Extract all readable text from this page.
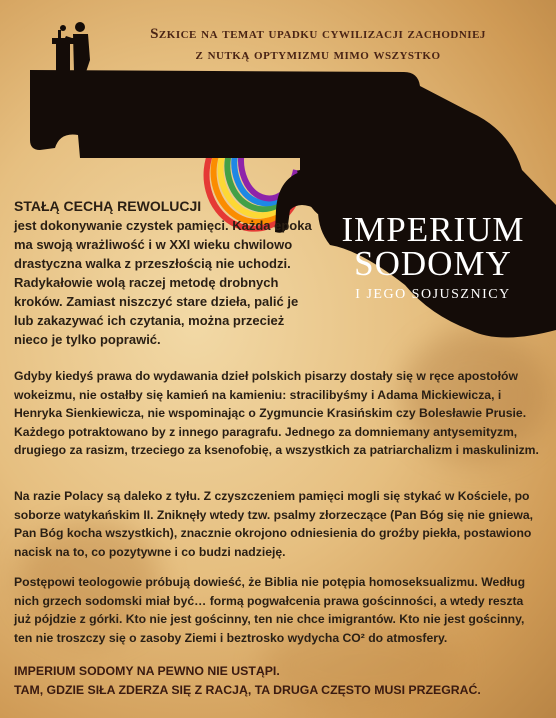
Szkice na temat upadku cywilizacji zachodniej
z nutką optymizmu mimo wszystko
IMPERIUM
SODOMY
I JEGO SOJUSZNICY
STAŁĄ CECHĄ REWOLUCJI

jest dokonywanie czystek pamięci. Każda epoka ma swoją wrażliwość i w XXI wieku chwilowo drastyczna walka z przeszłością nie uchodzi. Radykałowie wolą raczej metodę drobnych kroków. Zamiast niszczyć stare dzieła, palić je lub zakazywać ich czytania, można przecież nieco je tylko poprawić.

Gdyby kiedyś prawa do wydawania dzieł polskich pisarzy dostały się w ręce apostołów wokeizmu, nie ostałby się kamień na kamieniu: stracilibyśmy i Adama Mickiewicza, i Henryka Sienkiewicza, nie wspominając o Zygmuncie Krasińskim czy Bolesławie Prusie. Każdego potraktowano by z innego paragrafu. Jednego za domniemany antysemityzm, drugiego za rasizm, trzeciego za ksenofobię, a wszystkich za patriarchalizm i maskulinizm.

Na razie Polacy są daleko z tyłu. Z czyszczeniem pamięci mogli się stykać w Kościele, po soborze watykańskim II. Zniknęły wtedy tzw. psalmy złorzeczące (Pan Bóg się nie gniewa, Pan Bóg kocha wszystkich), znacznie okrojono odniesienia do groźby piekła, postawiono nacisk na to, co pozytywne i co budzi nadzieję.

Postępowi teologowie próbują dowieść, że Biblia nie potępia homoseksualizmu. Według nich grzech sodomski miał być… formą pogwałcenia prawa gościnności, a wtedy reszta już pójdzie z górki. Kto nie jest gościnny, ten nie chce imigrantów. Kto nie jest gościnny, ten nie troszczy się o zasoby Ziemi i beztrosko wydycha CO² do atmosfery.

IMPERIUM SODOMY NA PEWNO NIE USTĄPI.
TAM, GDZIE SIŁA ZDERZA SIĘ Z RACJĄ, TA DRUGA CZĘSTO MUSI PRZEGRAĆ.
